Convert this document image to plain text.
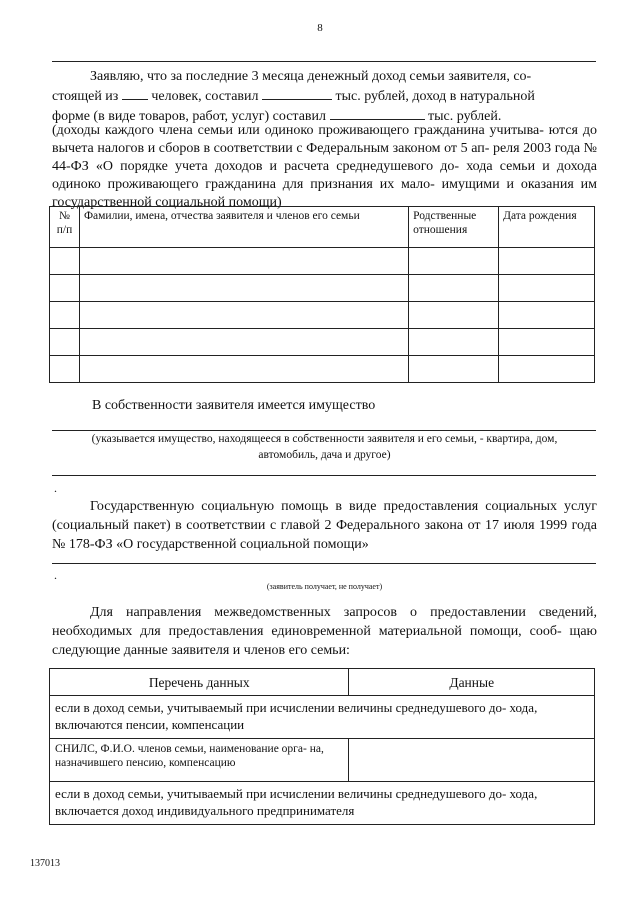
8
Заявляю, что за последние 3 месяца денежный доход семьи заявителя, со-
стоящей из человек, составил	тыс. рублей, доход в натуральной
форме (в виде товаров, работ, услуг) составил	тыс. рублей.
(доходы каждого члена семьи или одиноко проживающего гражданина учитыва- ются до вычета налогов и сборов в соответствии с Федеральным законом от 5 ап- реля 2003 года № 44-ФЗ «О порядке учета доходов и расчета среднедушевого до- хода семьи и дохода одиноко проживающего гражданина для признания их мало- имущими и оказания им государственной социальной помощи)
№ п/п	Фамилии, имена, отчества заявителя и членов его семьи	Родственные отношения	Дата рождения

В собственности заявителя имеется имущество
(указывается имущество, находящееся в собственности заявителя и его семьи, - квартира, дом,
автомобиль, дача и другое)
.
Государственную социальную помощь в виде предоставления социальных услуг (социальный пакет) в соответствии с главой 2 Федерального закона от 17 июля 1999 года № 178-ФЗ «О государственной социальной помощи»
.
(заявитель получает, не получает)
Для направления межведомственных запросов о предоставлении сведений, необходимых для предоставления единовременной материальной помощи, сооб- щаю следующие данные заявителя и членов его семьи:
Перечень данных	Данные
если в доход семьи, учитываемый при исчислении величины среднедушевого до- хода, включаются пенсии, компенсации	
СНИЛС, Ф.И.О. членов семьи, наименование орга- на, назначившего пенсию, компенсацию	
если в доход семьи, учитываемый при исчислении величины среднедушевого до- хода, включается доход индивидуального предпринимателя	
137013
